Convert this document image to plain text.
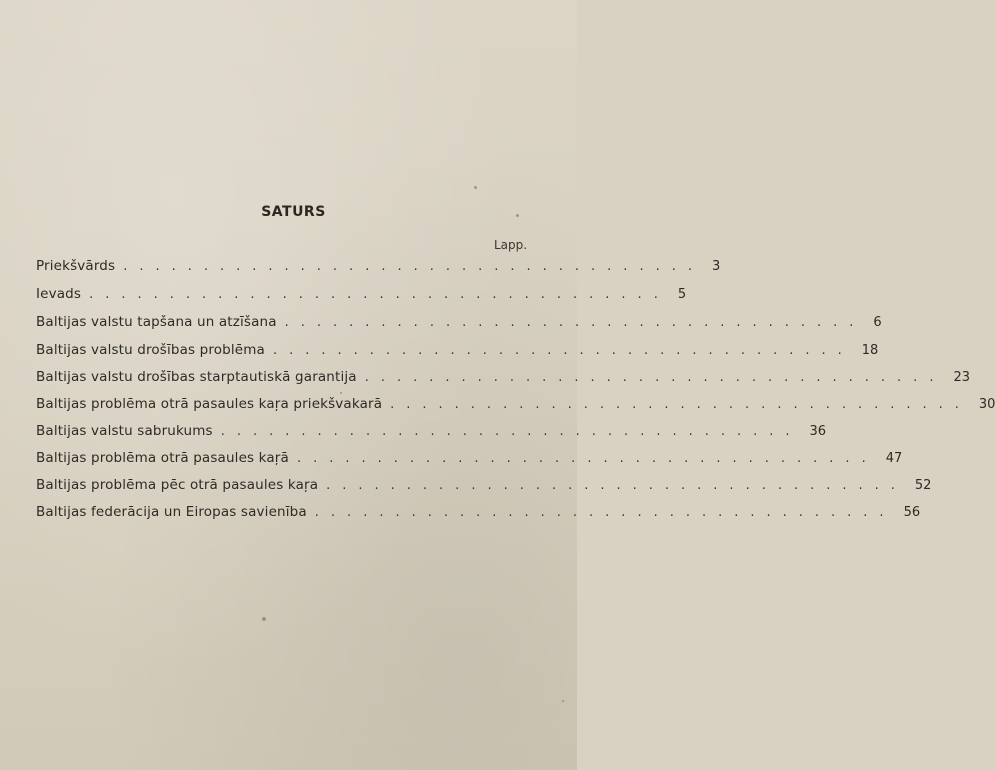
SATURS
Lapp.
Priekšvārds .................................... 3
Ievads .................................... 5
Baltijas valstu tapšana un atzīšana .................................... 6
Baltijas valstu drošības problēma .................................... 18
Baltijas valstu drošības starptautiskā garantija .................................... 23
Baltijas problēma otrā pasaules kaŗa priekšvakarā .................................... 30
Baltijas valstu sabrukums .................................... 36
Baltijas problēma otrā pasaules kaŗā .................................... 47
Baltijas problēma pēc otrā pasaules kaŗa .................................... 52
Baltijas federācija un Eiropas savienība .................................... 56
